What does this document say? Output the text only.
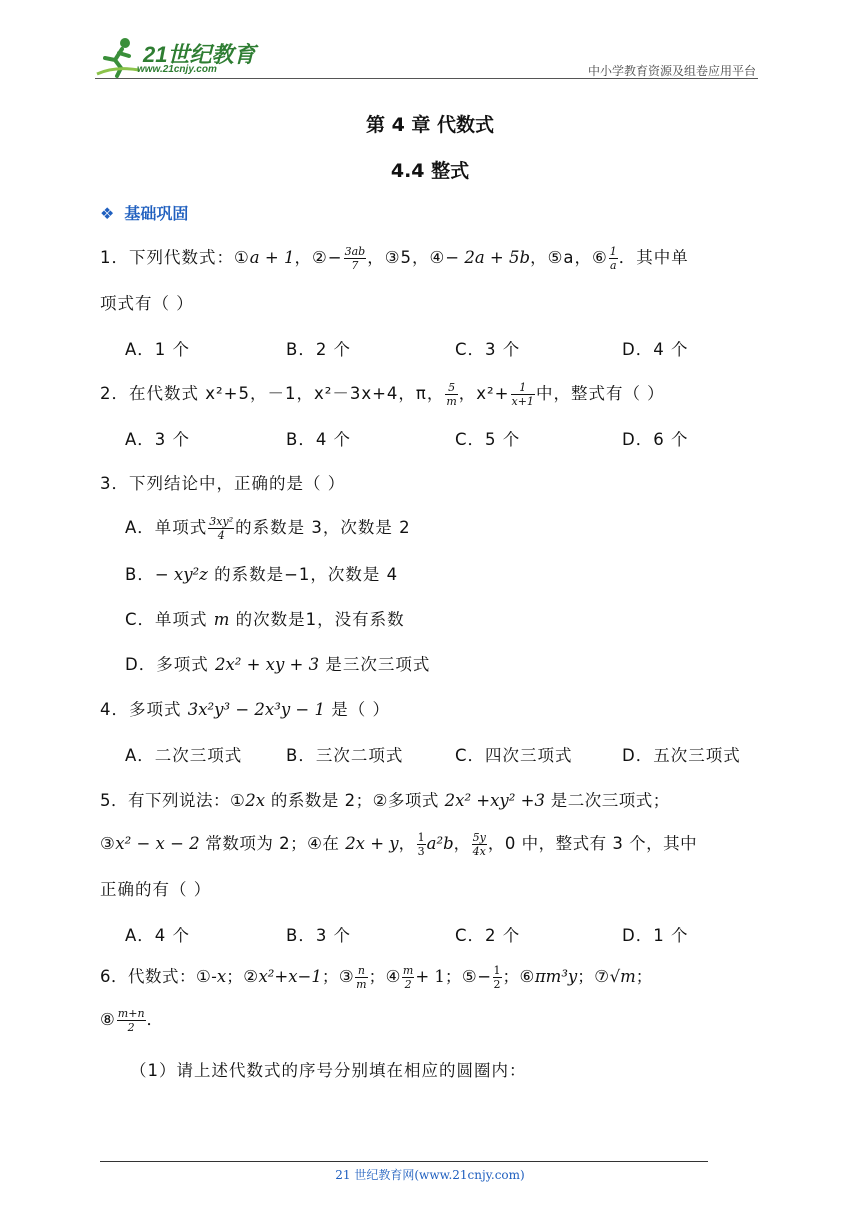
21世纪教育
www.21cnjy.com	中小学教育资源及组卷应用平台
第 4 章 代数式
4.4 整式
❖ 基础巩固
1．下列代数式：①a + 1，②− $\frac{3ab}{7}$ ，③5，④− 2a + 5b，⑤a，⑥ $\frac{1}{a}$ ．其中单
项式有（ ）
A．1 个	B．2 个	C．3 个	D．4 个
2．在代数式 x²+5，－1，x²－3x+4，π， $\frac{5}{m}$ ，$x^2+ \frac{1}{x+1}$ 中，整式有（ ）
A．3 个	B．4 个	C．5 个	D．6 个
3．下列结论中，正确的是（ ）
A．单项式 $\frac{\text{3xy²}}{4}$ 的系数是 3，次数是 2
B．− xy²z 的系数是−1，次数是 4
C．单项式 m 的次数是1，没有系数
D．多项式 2x² + xy + 3 是三次三项式
4．多项式 3x²y³ − 2x³y − 1 是（ ）
A．二次三项式	B．三次二项式	C．四次三项式	D．五次三项式
5．有下列说法：①2x 的系数是 2；②多项式 2x² +xy² +3 是二次三项式；
③x² − x − 2 常数项为 2；④在 2x + y， $\frac{1}{3} a^2b$， $\frac{5y}{4x}$ ，0 中，整式有 3 个，其中
正确的有（ ）
A．4 个	B．3 个	C．2 个	D．1 个
6．代数式：①-x；②x²+x−1；③ $\frac{n}{m}$ ；④ $\frac{m}{2} + 1$；⑤− $\frac{1}{2}$ ；⑥πm³y；⑦√m；
⑧ $\frac{m+n}{2}$ ．
（1）请上述代数式的序号分别填在相应的圆圈内：
21 世纪教育网(www.21cnjy.com)
